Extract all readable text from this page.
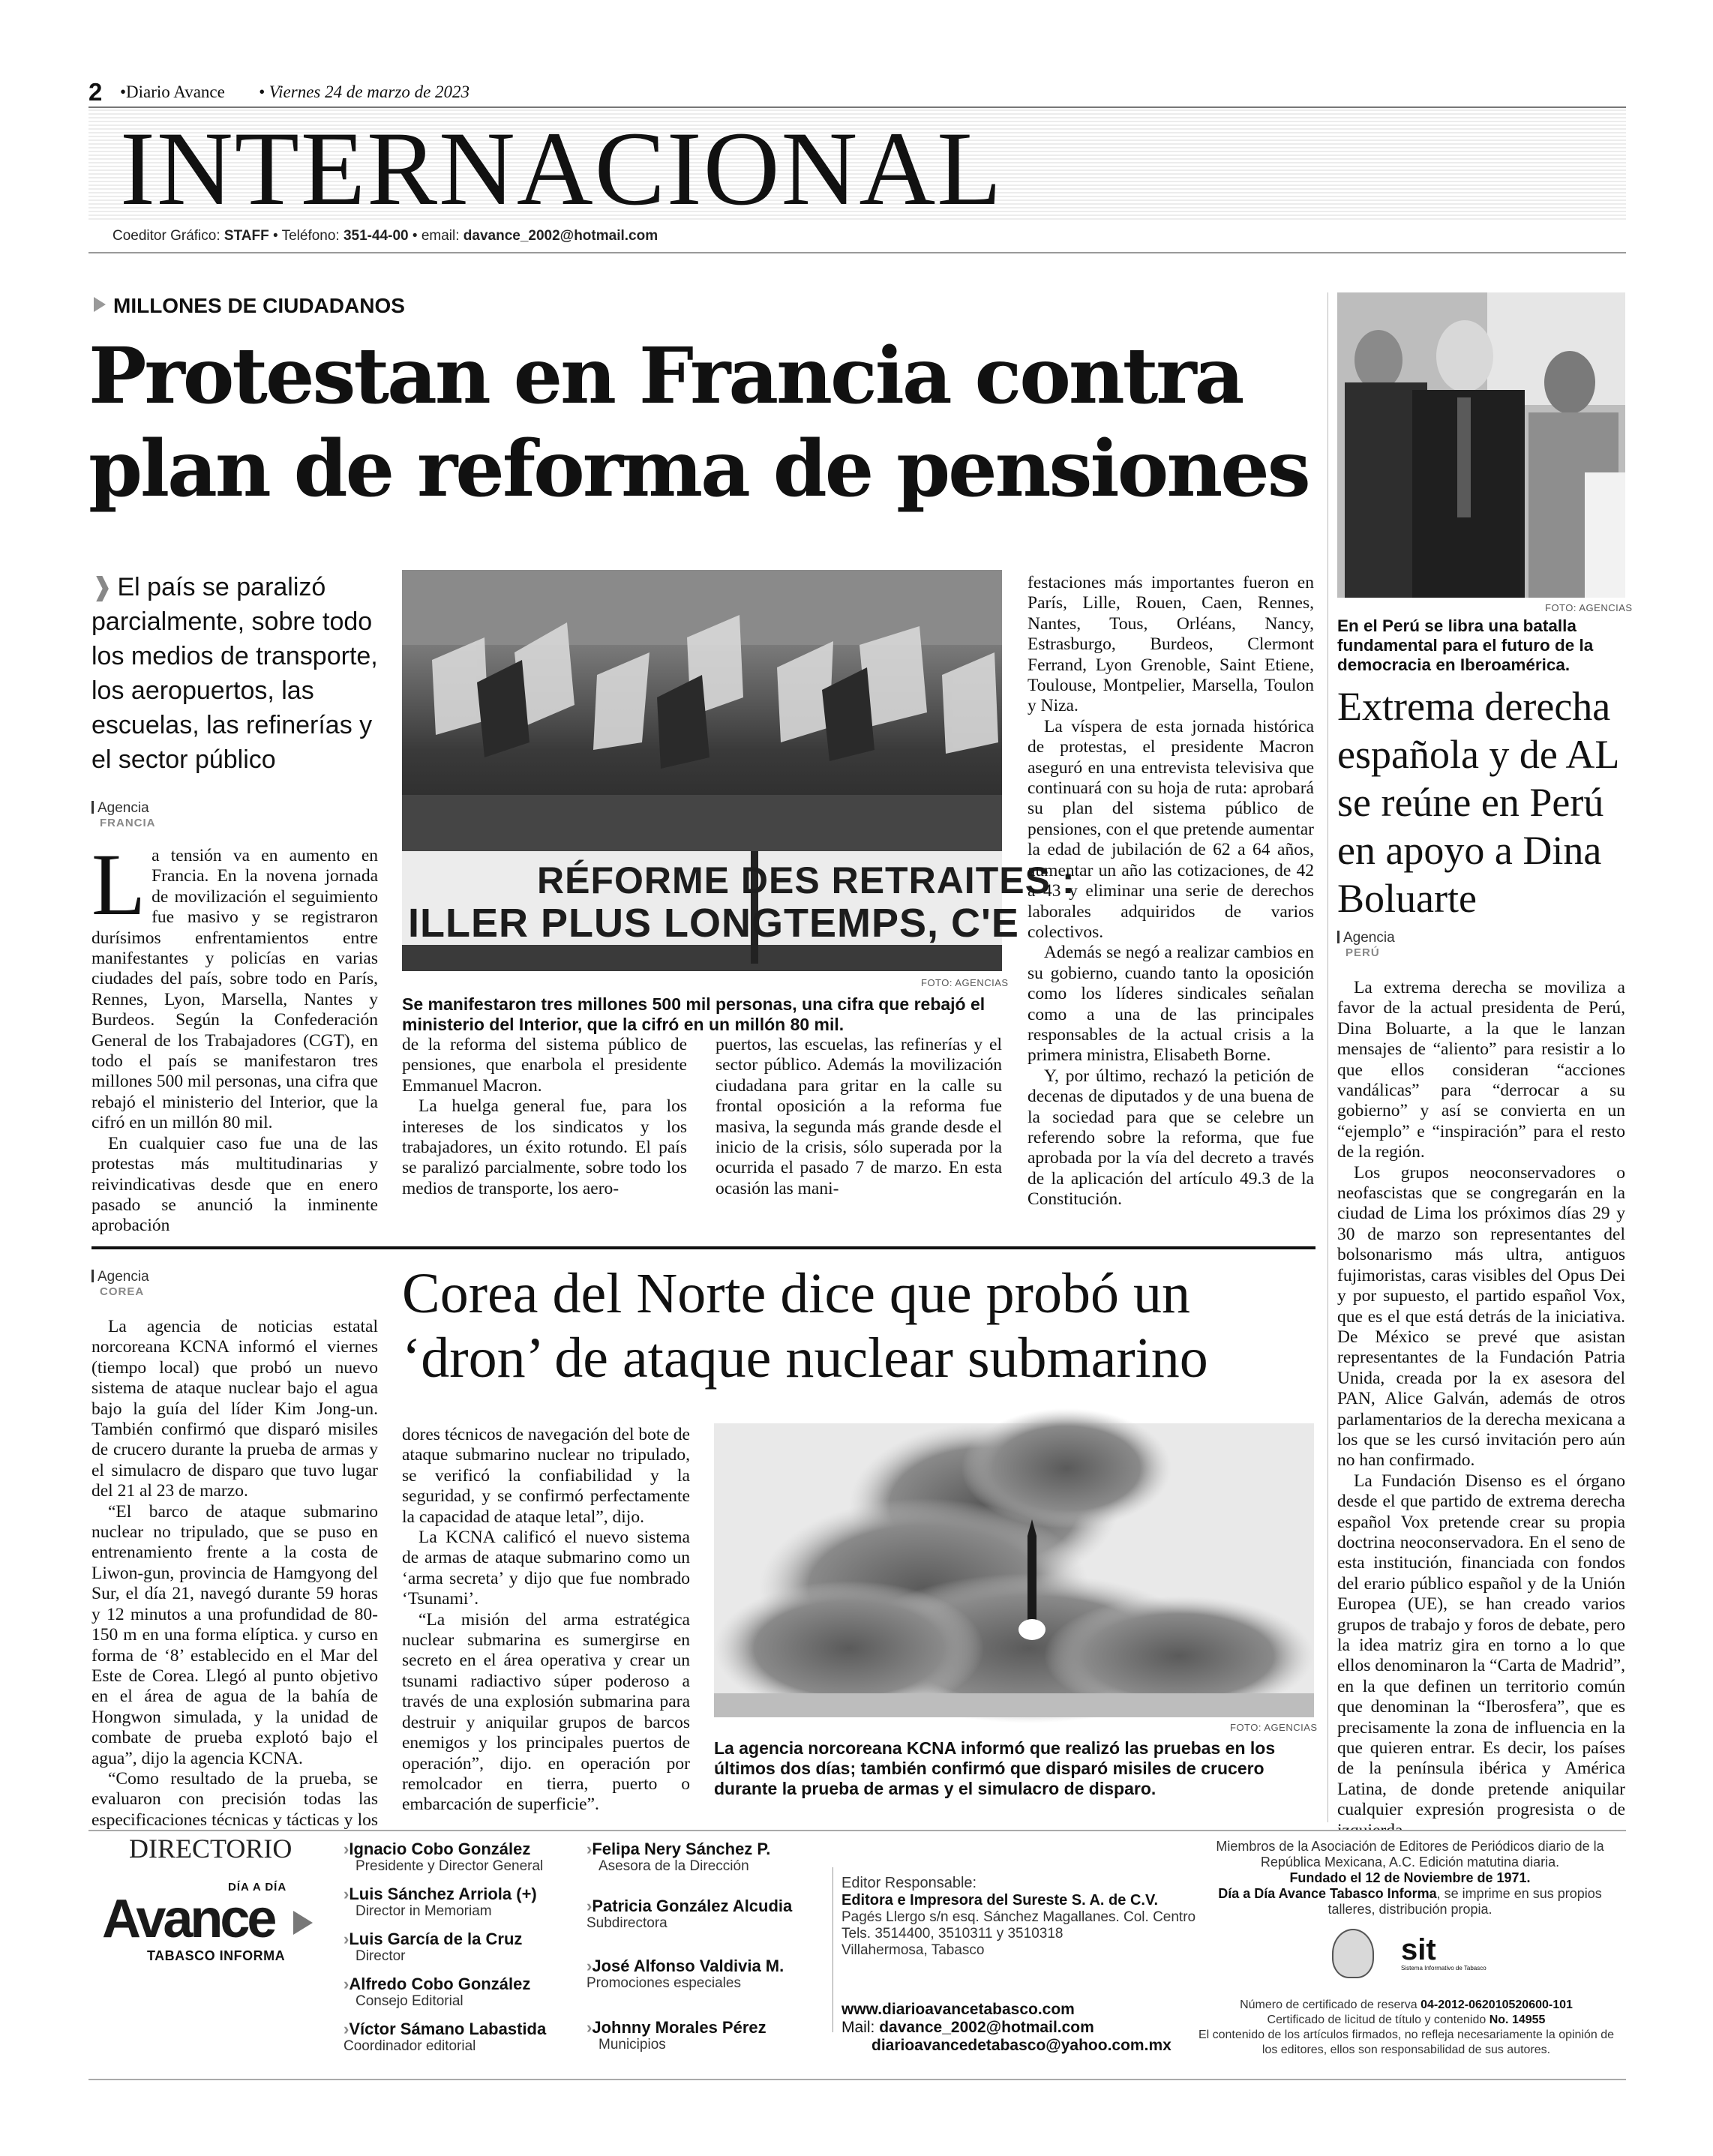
2 •Diario Avance • Viernes 24 de marzo de 2023
INTERNACIONAL
Coeditor Gráfico: STAFF • Teléfono: 351-44-00 • email: davance_2002@hotmail.com
MILLONES DE CIUDADANOS
Protestan en Francia contra
plan de reforma de pensiones
❱ El país se paralizó parcialmente, sobre todo los medios de transporte, los aeropuertos, las escuelas, las refinerías y el sector público
Agencia
FRANCIA

La tensión va en aumento en Francia. En la novena jornada de movilización el seguimiento fue masivo y se registraron durísimos enfrentamientos entre manifestantes y policías en varias ciudades del país, sobre todo en París, Rennes, Lyon, Marsella, Nantes y Burdeos. Según la Confederación General de los Trabajadores (CGT), en todo el país se manifestaron tres millones 500 mil personas, una cifra que rebajó el ministerio del Interior, que la cifró en un millón 80 mil.

En cualquier caso fue una de las protestas más multitudinarias y reivindicativas desde que en enero pasado se anunció la inminente aprobación

RÉFORME DES RETRAITES :
ILLER PLUS LONGTEMPS, C'E
FOTO: AGENCIAS
Se manifestaron tres millones 500 mil personas, una cifra que rebajó el ministerio del Interior, que la cifró en un millón 80 mil.

de la reforma del sistema público de pensiones, que enarbola el presidente Emmanuel Macron.

La huelga general fue, para los intereses de los sindicatos y los trabajadores, un éxito rotundo. El país se paralizó parcialmente, sobre todo los medios de transporte, los aero-

puertos, las escuelas, las refinerías y el sector público. Además la movilización ciudadana para gritar en la calle su frontal oposición a la reforma fue masiva, la segunda más grande desde el inicio de la crisis, sólo superada por la ocurrida el pasado 7 de marzo. En esta ocasión las mani-

festaciones más importantes fueron en París, Lille, Rouen, Caen, Rennes, Nantes, Tous, Orléans, Nancy, Estrasburgo, Burdeos, Clermont Ferrand, Lyon Grenoble, Saint Etiene, Toulouse, Montpelier, Marsella, Toulon y Niza.

La víspera de esta jornada histórica de protestas, el presidente Macron aseguró en una entrevista televisiva que continuará con su hoja de ruta: aprobará su plan del sistema público de pensiones, con el que pretende aumentar la edad de jubilación de 62 a 64 años, aumentar un año las cotizaciones, de 42 a 43 y eliminar una serie de derechos laborales adquiridos de varios colectivos.

Además se negó a realizar cambios en su gobierno, cuando tanto la oposición como los líderes sindicales señalan como a una de las principales responsables de la actual crisis a la primera ministra, Elisabeth Borne.

Y, por último, rechazó la petición de decenas de diputados y de una buena de la sociedad para que se celebre un referendo sobre la reforma, que fue aprobada por la vía del decreto a través de la aplicación del artículo 49.3 de la Constitución.

FOTO: AGENCIAS
En el Perú se libra una batalla fundamental para el futuro de la democracia en Iberoamérica.
Extrema derecha española y de AL se reúne en Perú en apoyo a Dina Boluarte
Agencia
PERÚ

La extrema derecha se moviliza a favor de la actual presidenta de Perú, Dina Boluarte, a la que le lanzan mensajes de “aliento” para resistir a lo que ellos consideran “acciones vandálicas” para “derrocar a su gobierno” y así se convierta en un “ejemplo” e “inspiración” para el resto de la región.

Los grupos neoconservadores o neofascistas que se congregarán en la ciudad de Lima los próximos días 29 y 30 de marzo son representantes del bolsonarismo más ultra, antiguos fujimoristas, caras visibles del Opus Dei y por supuesto, el partido español Vox, que es el que está detrás de la iniciativa. De México se prevé que asistan representantes de la Fundación Patria Unida, creada por la ex asesora del PAN, Alice Galván, además de otros parlamentarios de la derecha mexicana a los que se les cursó invitación pero aún no han confirmado.

La Fundación Disenso es el órgano desde el que partido de extrema derecha español Vox pretende crear su propia doctrina neoconservadora. En el seno de esta institución, financiada con fondos del erario público español y de la Unión Europea (UE), se han creado varios grupos de trabajo y foros de debate, pero la idea matriz gira en torno a lo que ellos denominaron la “Carta de Madrid”, en la que definen un territorio común que denominan la “Iberosfera”, que es precisamente la zona de influencia en la que quieren entrar. Es decir, los países de la península ibérica y América Latina, de donde pretende aniquilar cualquier expresión progresista o de

Agencia
COREA

La agencia de noticias estatal norcoreana KCNA informó el viernes (tiempo local) que probó un nuevo sistema de ataque nuclear bajo el agua bajo la guía del líder Kim Jong-un. También confirmó que disparó misiles de crucero durante la prueba de armas y el simulacro de disparo que tuvo lugar del 21 al 23 de marzo.

“El barco de ataque submarino nuclear no tripulado, que se puso en entrenamiento frente a la costa de Liwon-gun, provincia de Hamgyong del Sur, el día 21, navegó durante 59 horas y 12 minutos a una profundidad de 80-150 m en una forma elíptica. y curso en forma de ‘8’ establecido en el Mar del Este de Corea. Llegó al punto objetivo en el área de agua de la bahía de Hongwon simulada, y la unidad de combate de prueba explotó bajo el agua”, dijo la agencia KCNA.

“Como resultado de la prueba, se evaluaron con precisión todas las especificaciones técnicas y tácticas y los

Corea del Norte dice que probó un
‘dron’ de ataque nuclear submarino

dores técnicos de navegación del bote de ataque submarino nuclear no tripulado, se verificó la confiabilidad y la seguridad, y se confirmó perfectamente la capacidad de ataque letal”, dijo.

La KCNA calificó el nuevo sistema de armas de ataque submarino como un ‘arma secreta’ y dijo que fue nombrado ‘Tsunami’.

“La misión del arma estratégica nuclear submarina es sumergirse en secreto en el área operativa y crear un tsunami radiactivo súper poderoso a través de una explosión submarina para destruir y aniquilar grupos de barcos enemigos y los principales puertos de operación”, dijo. en operación por remolcador en tierra, puerto o embarcación de superficie”.

FOTO: AGENCIAS
La agencia norcoreana KCNA informó que realizó las pruebas en los últimos dos días; también confirmó que disparó misiles de crucero durante la prueba de armas y el simulacro de disparo.
DIRECTORIO
DÍA A DÍA
Avance
TABASCO INFORMA
›Ignacio Cobo González
Presidente y Director General
›Luis Sánchez Arriola (+)
Director in Memoriam
›Luis García de la Cruz
Director
›Alfredo Cobo González
Consejo Editorial
›Víctor Sámano Labastida
Coordinador editorial
›Felipa Nery Sánchez P.
Asesora de la Dirección
›Patricia González Alcudia
Subdirectora
›José Alfonso Valdivia M.
Promociones especiales
›Johnny Morales Pérez
Municipios
Editor Responsable:
Editora e Impresora del Sureste S. A. de C.V.
Pagés Llergo s/n esq. Sánchez Magallanes. Col. Centro
Tels. 3514400, 3510311 y 3510318
Villahermosa, Tabasco
www.diarioavancetabasco.com
Mail: davance_2002@hotmail.com
diarioavancedetabasco@yahoo.com.mx
Miembros de la Asociación de Editores de Periódicos diario de la República Mexicana, A.C. Edición matutina diaria.
Fundado el 12 de Noviembre de 1971.
Día a Día Avance Tabasco Informa, se imprime en sus propios talleres, distribución propia.
sit
Sistema Informativo de Tabasco
Número de certificado de reserva 04-2012-062010520600-101
Certificado de licitud de título y contenido No. 14955
El contenido de los artículos firmados, no refleja necesariamente la opinión de los editores, ellos son responsabilidad de sus autores.
